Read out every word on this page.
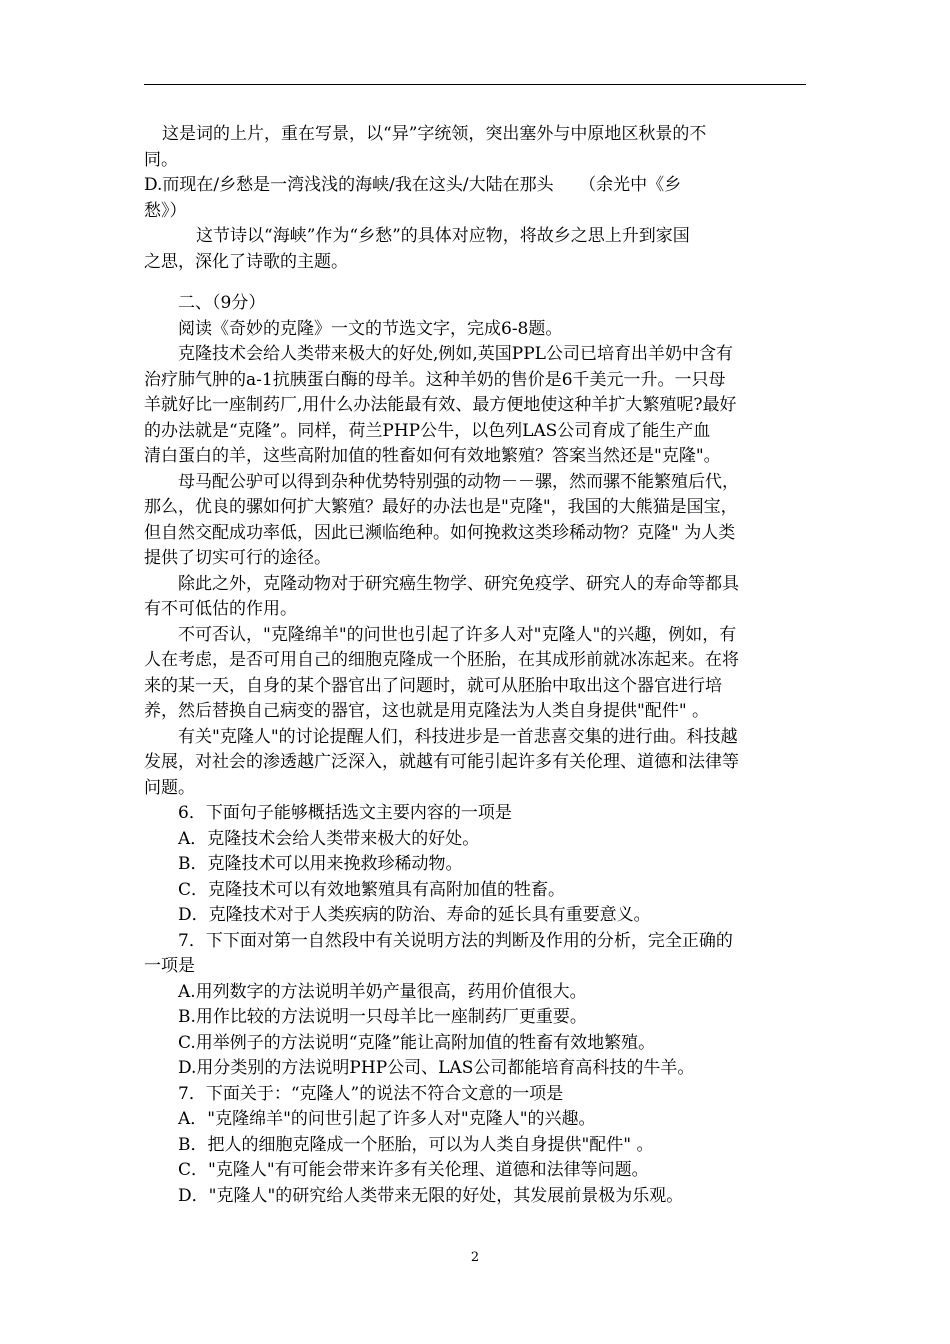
这是词的上片，重在写景，以“异”字统领，突出塞外与中原地区秋景的不
同。
D.而现在/乡愁是一湾浅浅的海峡/我在这头/大陆在那头　　（余光中《乡
愁》）
这节诗以“海峡”作为“乡愁”的具体对应物，将故乡之思上升到家国
之思，深化了诗歌的主题。
二、（9分）
阅读《奇妙的克隆》一文的节选文字，完成6-8题。
克隆技术会给人类带来极大的好处,例如,英国PPL公司已培育出羊奶中含有
治疗肺气肿的a-1抗胰蛋白酶的母羊。这种羊奶的售价是6千美元一升。一只母
羊就好比一座制药厂,用什么办法能最有效、最方便地使这种羊扩大繁殖呢?最好
的办法就是“克隆”。同样，荷兰PHP公牛，以色列LAS公司育成了能生产血
清白蛋白的羊，这些高附加值的牲畜如何有效地繁殖？答案当然还是"克隆"。
母马配公驴可以得到杂种优势特别强的动物－－骡，然而骡不能繁殖后代，
那么，优良的骡如何扩大繁殖？最好的办法也是"克隆"，我国的大熊猫是国宝，
但自然交配成功率低，因此已濒临绝种。如何挽救这类珍稀动物？克隆" 为人类
提供了切实可行的途径。
除此之外，克隆动物对于研究癌生物学、研究免疫学、研究人的寿命等都具
有不可低估的作用。
不可否认，"克隆绵羊"的问世也引起了许多人对"克隆人"的兴趣，例如，有
人在考虑，是否可用自己的细胞克隆成一个胚胎，在其成形前就冰冻起来。在将
来的某一天，自身的某个器官出了问题时，就可从胚胎中取出这个器官进行培
养，然后替换自己病变的器官，这也就是用克隆法为人类自身提供"配件" 。
有关"克隆人"的讨论提醒人们，科技进步是一首悲喜交集的进行曲。科技越
发展，对社会的渗透越广泛深入，就越有可能引起许多有关伦理、道德和法律等
问题。
6．下面句子能够概括选文主要内容的一项是
A．克隆技术会给人类带来极大的好处。
B．克隆技术可以用来挽救珍稀动物。
C．克隆技术可以有效地繁殖具有高附加值的牲畜。
D．克隆技术对于人类疾病的防治、寿命的延长具有重要意义。
7．下下面对第一自然段中有关说明方法的判断及作用的分析，完全正确的
一项是
A.用列数字的方法说明羊奶产量很高，药用价值很大。
B.用作比较的方法说明一只母羊比一座制药厂更重要。
C.用举例子的方法说明“克隆”能让高附加值的牲畜有效地繁殖。
D.用分类别的方法说明PHP公司、LAS公司都能培育高科技的牛羊。
7．下面关于：“克隆人”的说法不符合文意的一项是
A．"克隆绵羊"的问世引起了许多人对"克隆人"的兴趣。
B．把人的细胞克隆成一个胚胎，可以为人类自身提供"配件" 。
C．"克隆人"有可能会带来许多有关伦理、道德和法律等问题。
D．"克隆人"的研究给人类带来无限的好处，其发展前景极为乐观。
2
